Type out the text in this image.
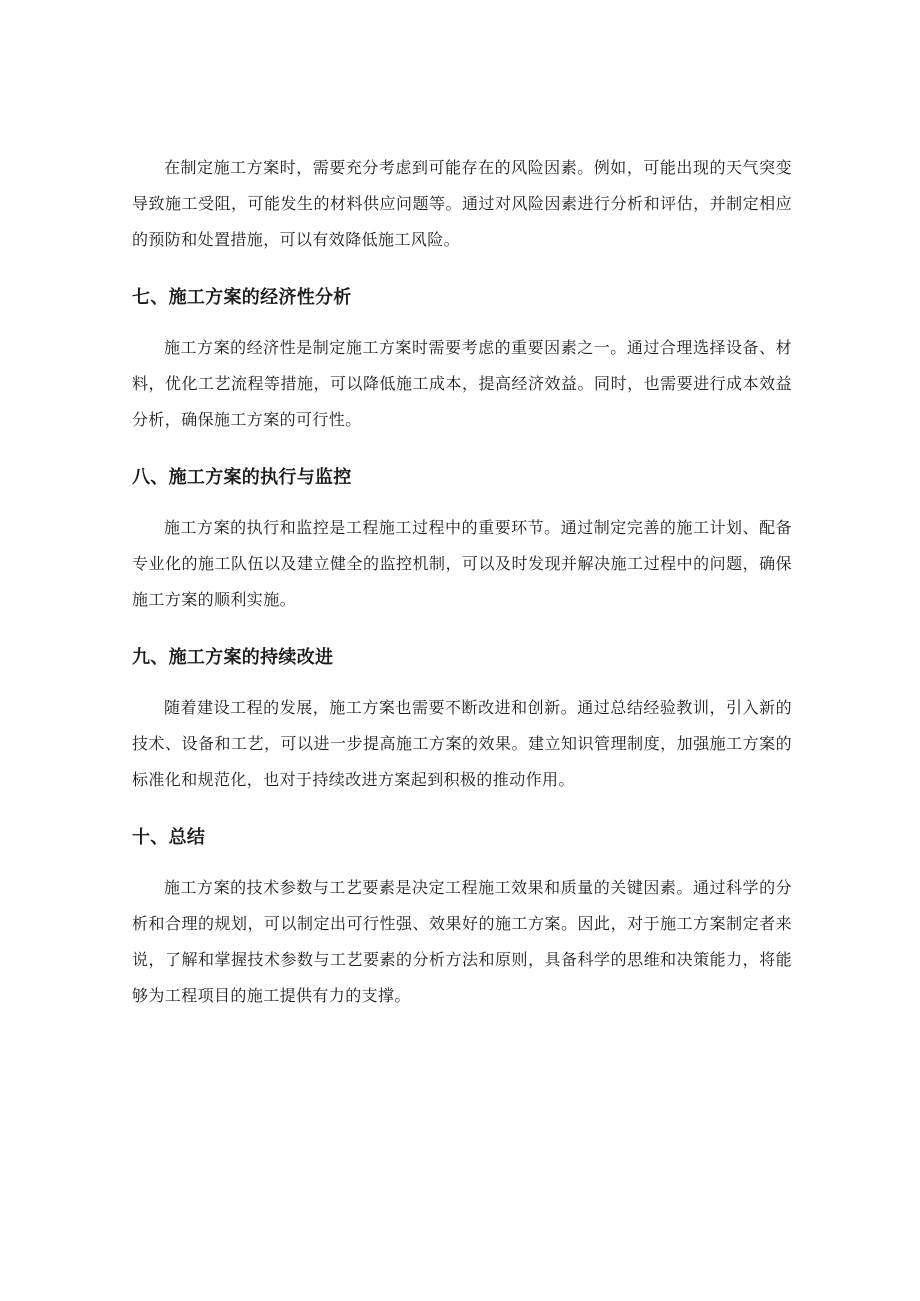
在制定施工方案时，需要充分考虑到可能存在的风险因素。例如，可能出现的天气突变导致施工受阻，可能发生的材料供应问题等。通过对风险因素进行分析和评估，并制定相应的预防和处置措施，可以有效降低施工风险。

七、施工方案的经济性分析

施工方案的经济性是制定施工方案时需要考虑的重要因素之一。通过合理选择设备、材料，优化工艺流程等措施，可以降低施工成本，提高经济效益。同时，也需要进行成本效益分析，确保施工方案的可行性。

八、施工方案的执行与监控

施工方案的执行和监控是工程施工过程中的重要环节。通过制定完善的施工计划、配备专业化的施工队伍以及建立健全的监控机制，可以及时发现并解决施工过程中的问题，确保施工方案的顺利实施。

九、施工方案的持续改进

随着建设工程的发展，施工方案也需要不断改进和创新。通过总结经验教训，引入新的技术、设备和工艺，可以进一步提高施工方案的效果。建立知识管理制度，加强施工方案的标准化和规范化，也对于持续改进方案起到积极的推动作用。

十、总结

施工方案的技术参数与工艺要素是决定工程施工效果和质量的关键因素。通过科学的分析和合理的规划，可以制定出可行性强、效果好的施工方案。因此，对于施工方案制定者来说，了解和掌握技术参数与工艺要素的分析方法和原则，具备科学的思维和决策能力，将能够为工程项目的施工提供有力的支撑。
